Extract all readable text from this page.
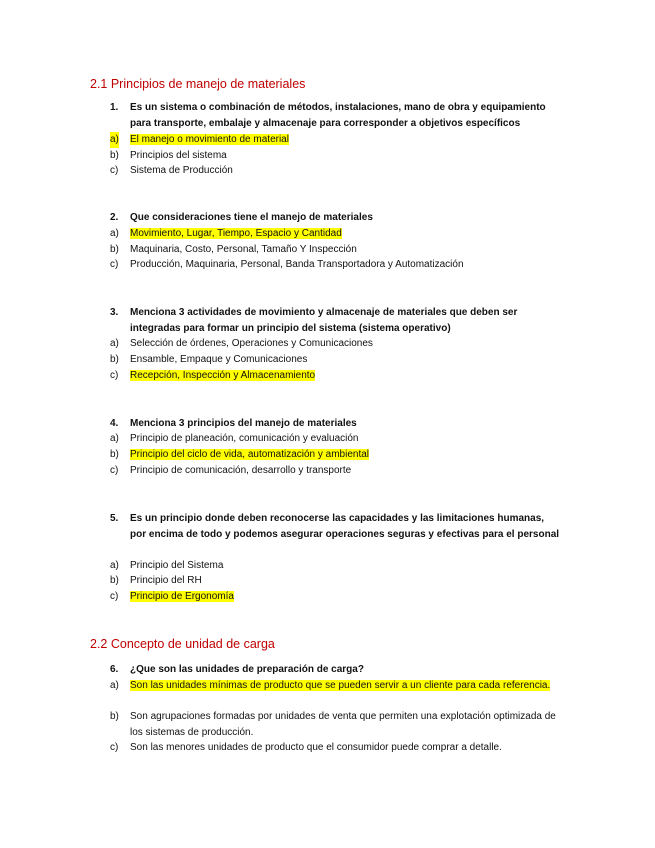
2.1 Principios de manejo de materiales
1. Es un sistema o combinación de métodos, instalaciones, mano de obra y equipamiento para transporte, embalaje y almacenaje para corresponder a objetivos específicos
a) El manejo o movimiento de material
b) Principios del sistema
c) Sistema de Producción
2. Que consideraciones tiene el manejo de materiales
a) Movimiento, Lugar, Tiempo, Espacio y Cantidad
b) Maquinaria, Costo, Personal, Tamaño Y Inspección
c) Producción, Maquinaria, Personal, Banda Transportadora y Automatización
3. Menciona 3 actividades de movimiento y almacenaje de materiales que deben ser integradas para formar un principio del sistema (sistema operativo)
a) Selección de órdenes, Operaciones y Comunicaciones
b) Ensamble, Empaque y Comunicaciones
c) Recepción, Inspección y Almacenamiento
4. Menciona 3 principios del manejo de materiales
a) Principio de planeación, comunicación y evaluación
b) Principio del ciclo de vida, automatización y ambiental
c) Principio de comunicación, desarrollo y transporte
5. Es un principio donde deben reconocerse las capacidades y las limitaciones humanas, por encima de todo y podemos asegurar operaciones seguras y efectivas para el personal
a) Principio del Sistema
b) Principio del RH
c) Principio de Ergonomía
2.2 Concepto de unidad de carga
6. ¿Que son las unidades de preparación de carga?
a) Son las unidades mínimas de producto que se pueden servir a un cliente para cada referencia.
b) Son agrupaciones formadas por unidades de venta que permiten una explotación optimizada de los sistemas de producción.
c) Son las menores unidades de producto que el consumidor puede comprar a detalle.
